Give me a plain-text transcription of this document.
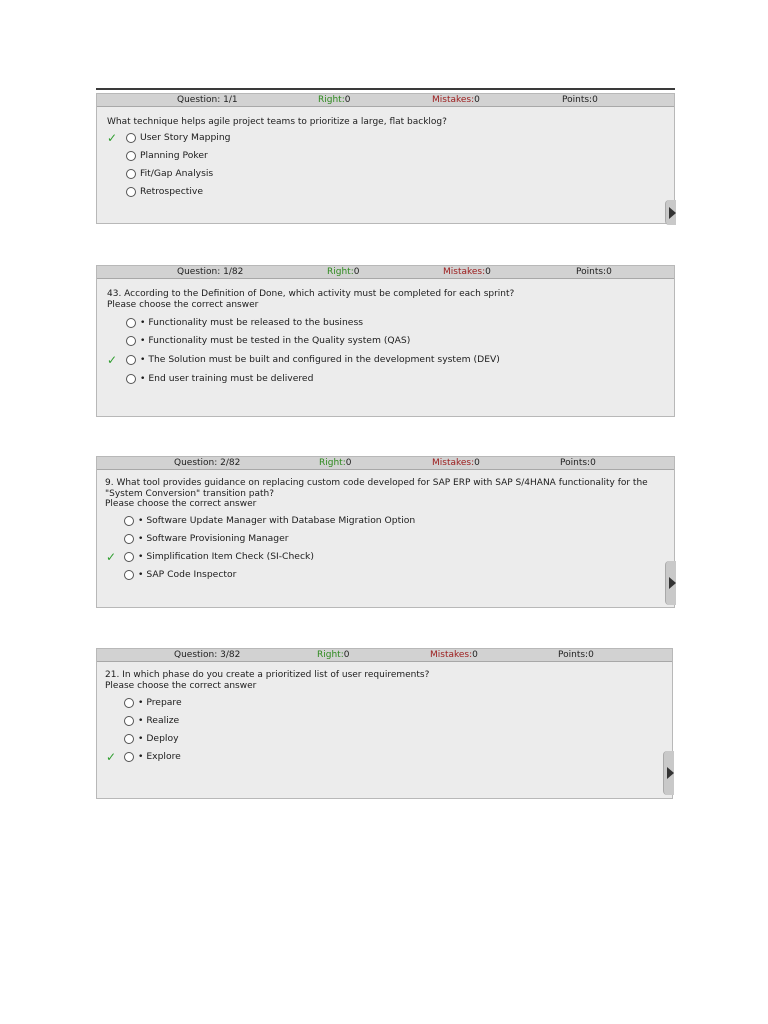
Question: 1/1	Right:0	Mistakes:0	Points:0
What technique helps agile project teams to prioritize a large, flat backlog?
✓ User Story Mapping
Planning Poker
Fit/Gap Analysis
Retrospective
Question: 1/82	Right:0	Mistakes:0	Points:0
43. According to the Definition of Done, which activity must be completed for each sprint?
Please choose the correct answer
• Functionality must be released to the business
• Functionality must be tested in the Quality system (QAS)
✓ • The Solution must be built and configured in the development system (DEV)
• End user training must be delivered
Question: 2/82	Right:0	Mistakes:0	Points:0
9. What tool provides guidance on replacing custom code developed for SAP ERP with SAP S/4HANA functionality for the
"System Conversion" transition path?
Please choose the correct answer
• Software Update Manager with Database Migration Option
• Software Provisioning Manager
✓ • Simplification Item Check (SI-Check)
• SAP Code Inspector
Question: 3/82	Right:0	Mistakes:0	Points:0
21. In which phase do you create a prioritized list of user requirements?
Please choose the correct answer
• Prepare
• Realize
• Deploy
✓ • Explore
